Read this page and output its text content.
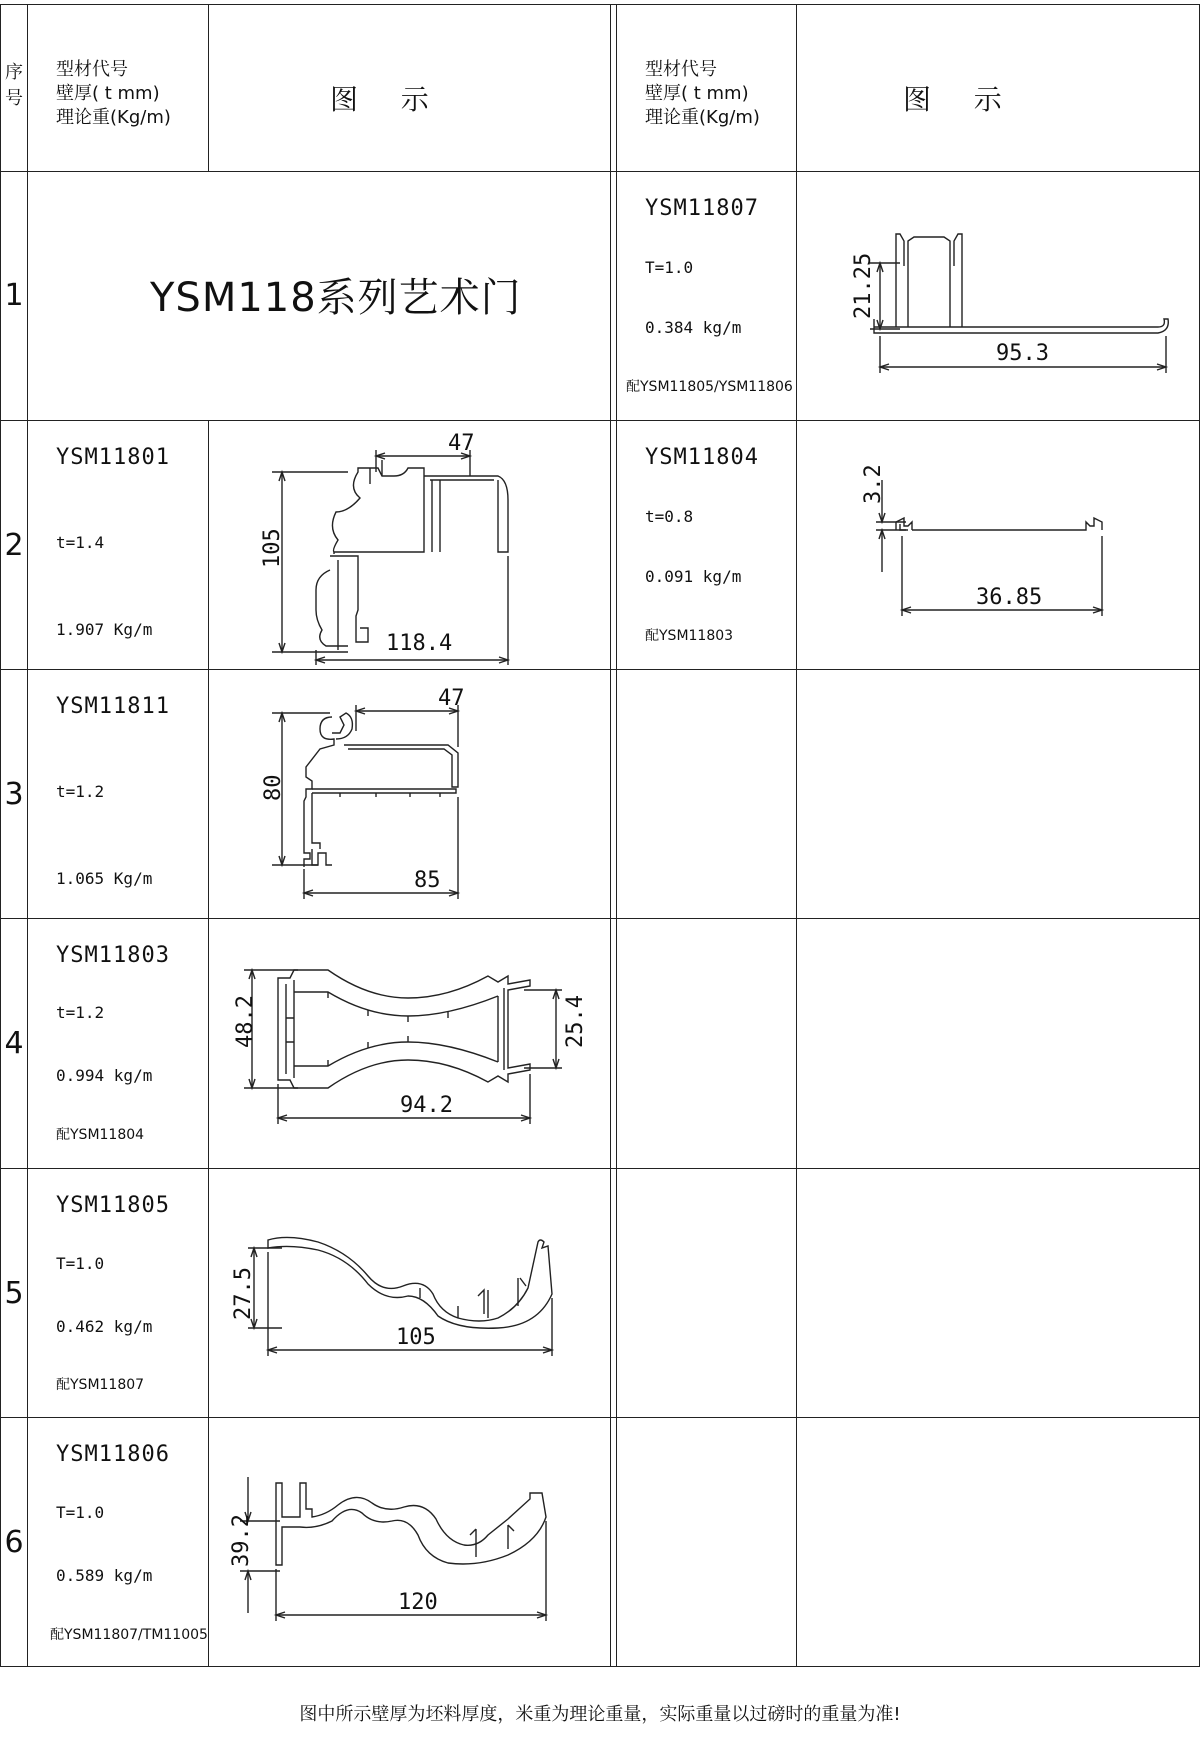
序
号
型材代号
壁厚( t mm)
理论重(Kg/m)
图   示
型材代号
壁厚( t mm)
理论重(Kg/m)
图   示
1	YSM118系列艺术门
YSM11807
T=1.0
0.384 kg/m
配YSM11805/YSM11806
21.25
95.3
2
YSM11801
t=1.4
1.907 Kg/m
47
105
118.4
YSM11804
t=0.8
0.091 kg/m
配YSM11803
3.2
36.85
3
YSM11811
t=1.2
1.065 Kg/m
47
80
85
4
YSM11803
t=1.2
0.994 kg/m
配YSM11804
48.2	25.4
94.2
5
YSM11805
T=1.0
0.462 kg/m
配YSM11807
27.5
105
6
YSM11806
T=1.0
0.589 kg/m
配YSM11807/TM11005
39.2
120
图中所示壁厚为坯料厚度，米重为理论重量，实际重量以过磅时的重量为准!
